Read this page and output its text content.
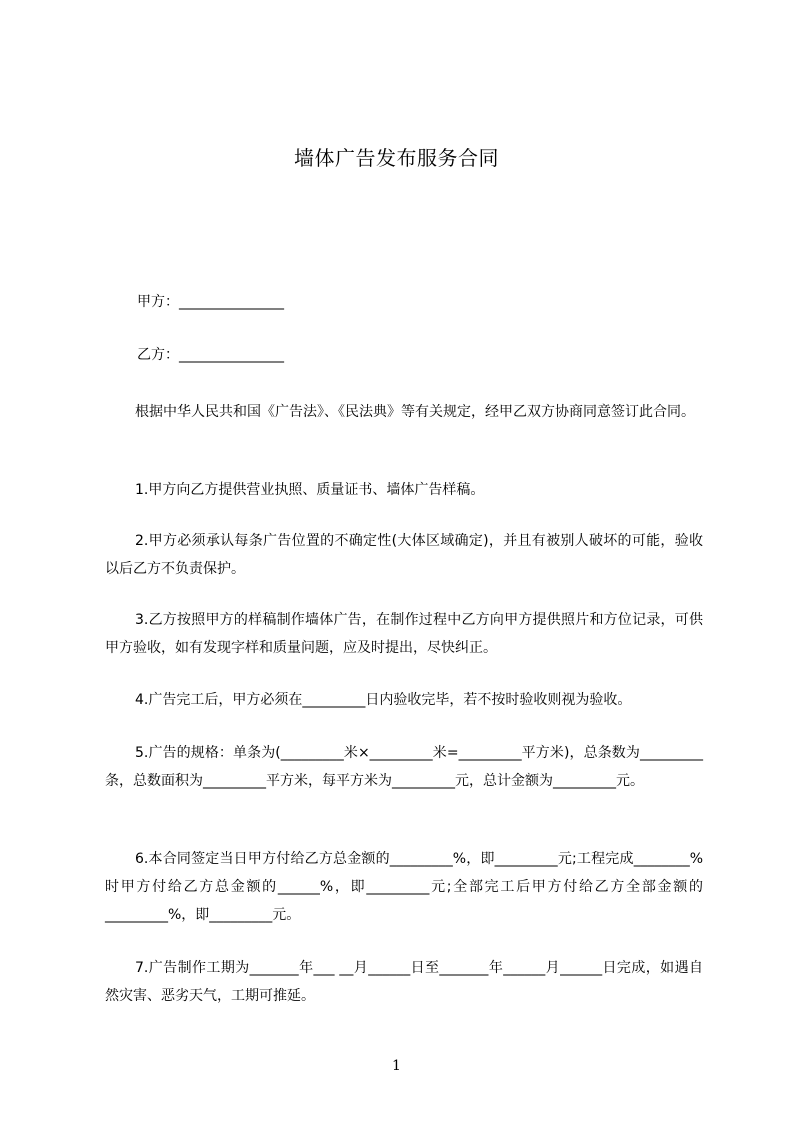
墙体广告发布服务合同
甲方：_______________
乙方：_______________
根据中华人民共和国《广告法》、《民法典》等有关规定，经甲乙双方协商同意签订此合同。
1.甲方向乙方提供营业执照、质量证书、墙体广告样稿。
2.甲方必须承认每条广告位置的不确定性(大体区域确定)，并且有被别人破坏的可能，验收以后乙方不负责保护。
3.乙方按照甲方的样稿制作墙体广告，在制作过程中乙方向甲方提供照片和方位记录，可供甲方验收，如有发现字样和质量问题，应及时提出，尽快纠正。
4.广告完工后，甲方必须在_________日内验收完毕，若不按时验收则视为验收。
5.广告的规格：单条为(_________米×_________米=_________平方米)，总条数为_________条，总数面积为_________平方米，每平方米为_________元，总计金额为_________元。
6.本合同签定当日甲方付给乙方总金额的_________%，即_________元;工程完成________%时甲方付给乙方总金额的______%，即_________元;全部完工后甲方付给乙方全部金额的_________%，即_________元。
7.广告制作工期为_______年___ __月______日至_______年______月______日完成，如遇自然灾害、恶劣天气，工期可推延。
1
